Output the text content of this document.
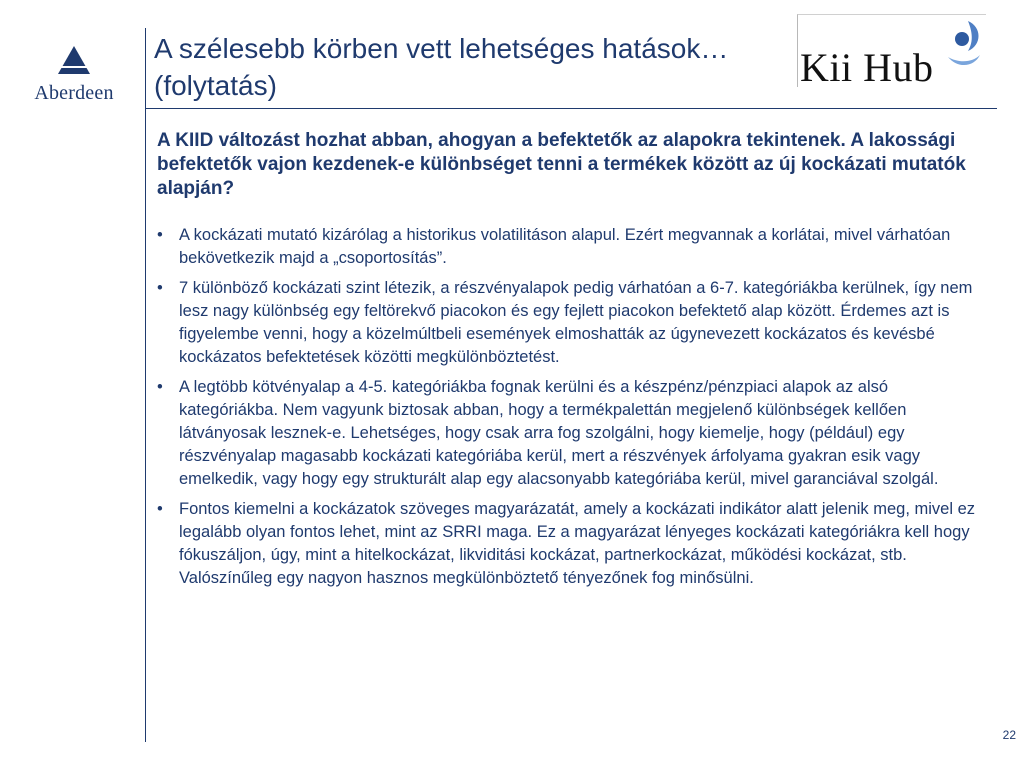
Aberdeen
A szélesebb körben vett lehetséges hatások…(folytatás)	Kii Hub

A KIID változást hozhat abban, ahogyan a befektetők az alapokra tekintenek. A lakossági befektetők vajon kezdenek-e különbséget tenni a termékek között az új kockázati mutatók alapján?

• A kockázati mutató kizárólag a historikus volatilitáson alapul. Ezért megvannak a korlátai, mivel várhatóan bekövetkezik majd a „csoportosítás”.
• 7 különböző kockázati szint létezik, a részvényalapok pedig várhatóan a 6-7. kategóriákba kerülnek, így nem lesz nagy különbség egy feltörekvő piacokon és egy fejlett piacokon befektető alap között. Érdemes azt is figyelembe venni, hogy a közelmúltbeli események elmoshatták az úgynevezett kockázatos és kevésbé kockázatos befektetések közötti megkülönböztetést.
• A legtöbb kötvényalap a 4-5. kategóriákba fognak kerülni és a készpénz/pénzpiaci alapok az alsó kategóriákba. Nem vagyunk biztosak abban, hogy a termékpalettán megjelenő különbségek kellően látványosak lesznek-e. Lehetséges, hogy csak arra fog szolgálni, hogy kiemelje, hogy (például) egy részvényalap magasabb kockázati kategóriába kerül, mert a részvények árfolyama gyakran esik vagy emelkedik, vagy hogy egy strukturált alap egy alacsonyabb kategóriába kerül, mivel garanciával szolgál.
• Fontos kiemelni a kockázatok szöveges magyarázatát, amely a kockázati indikátor alatt jelenik meg, mivel ez legalább olyan fontos lehet, mint az SRRI maga. Ez a magyarázat lényeges kockázati kategóriákra kell hogy fókuszáljon, úgy, mint a hitelkockázat, likviditási kockázat, partnerkockázat, működési kockázat, stb. Valószínűleg egy nagyon hasznos megkülönböztető tényezőnek fog minősülni.
22
